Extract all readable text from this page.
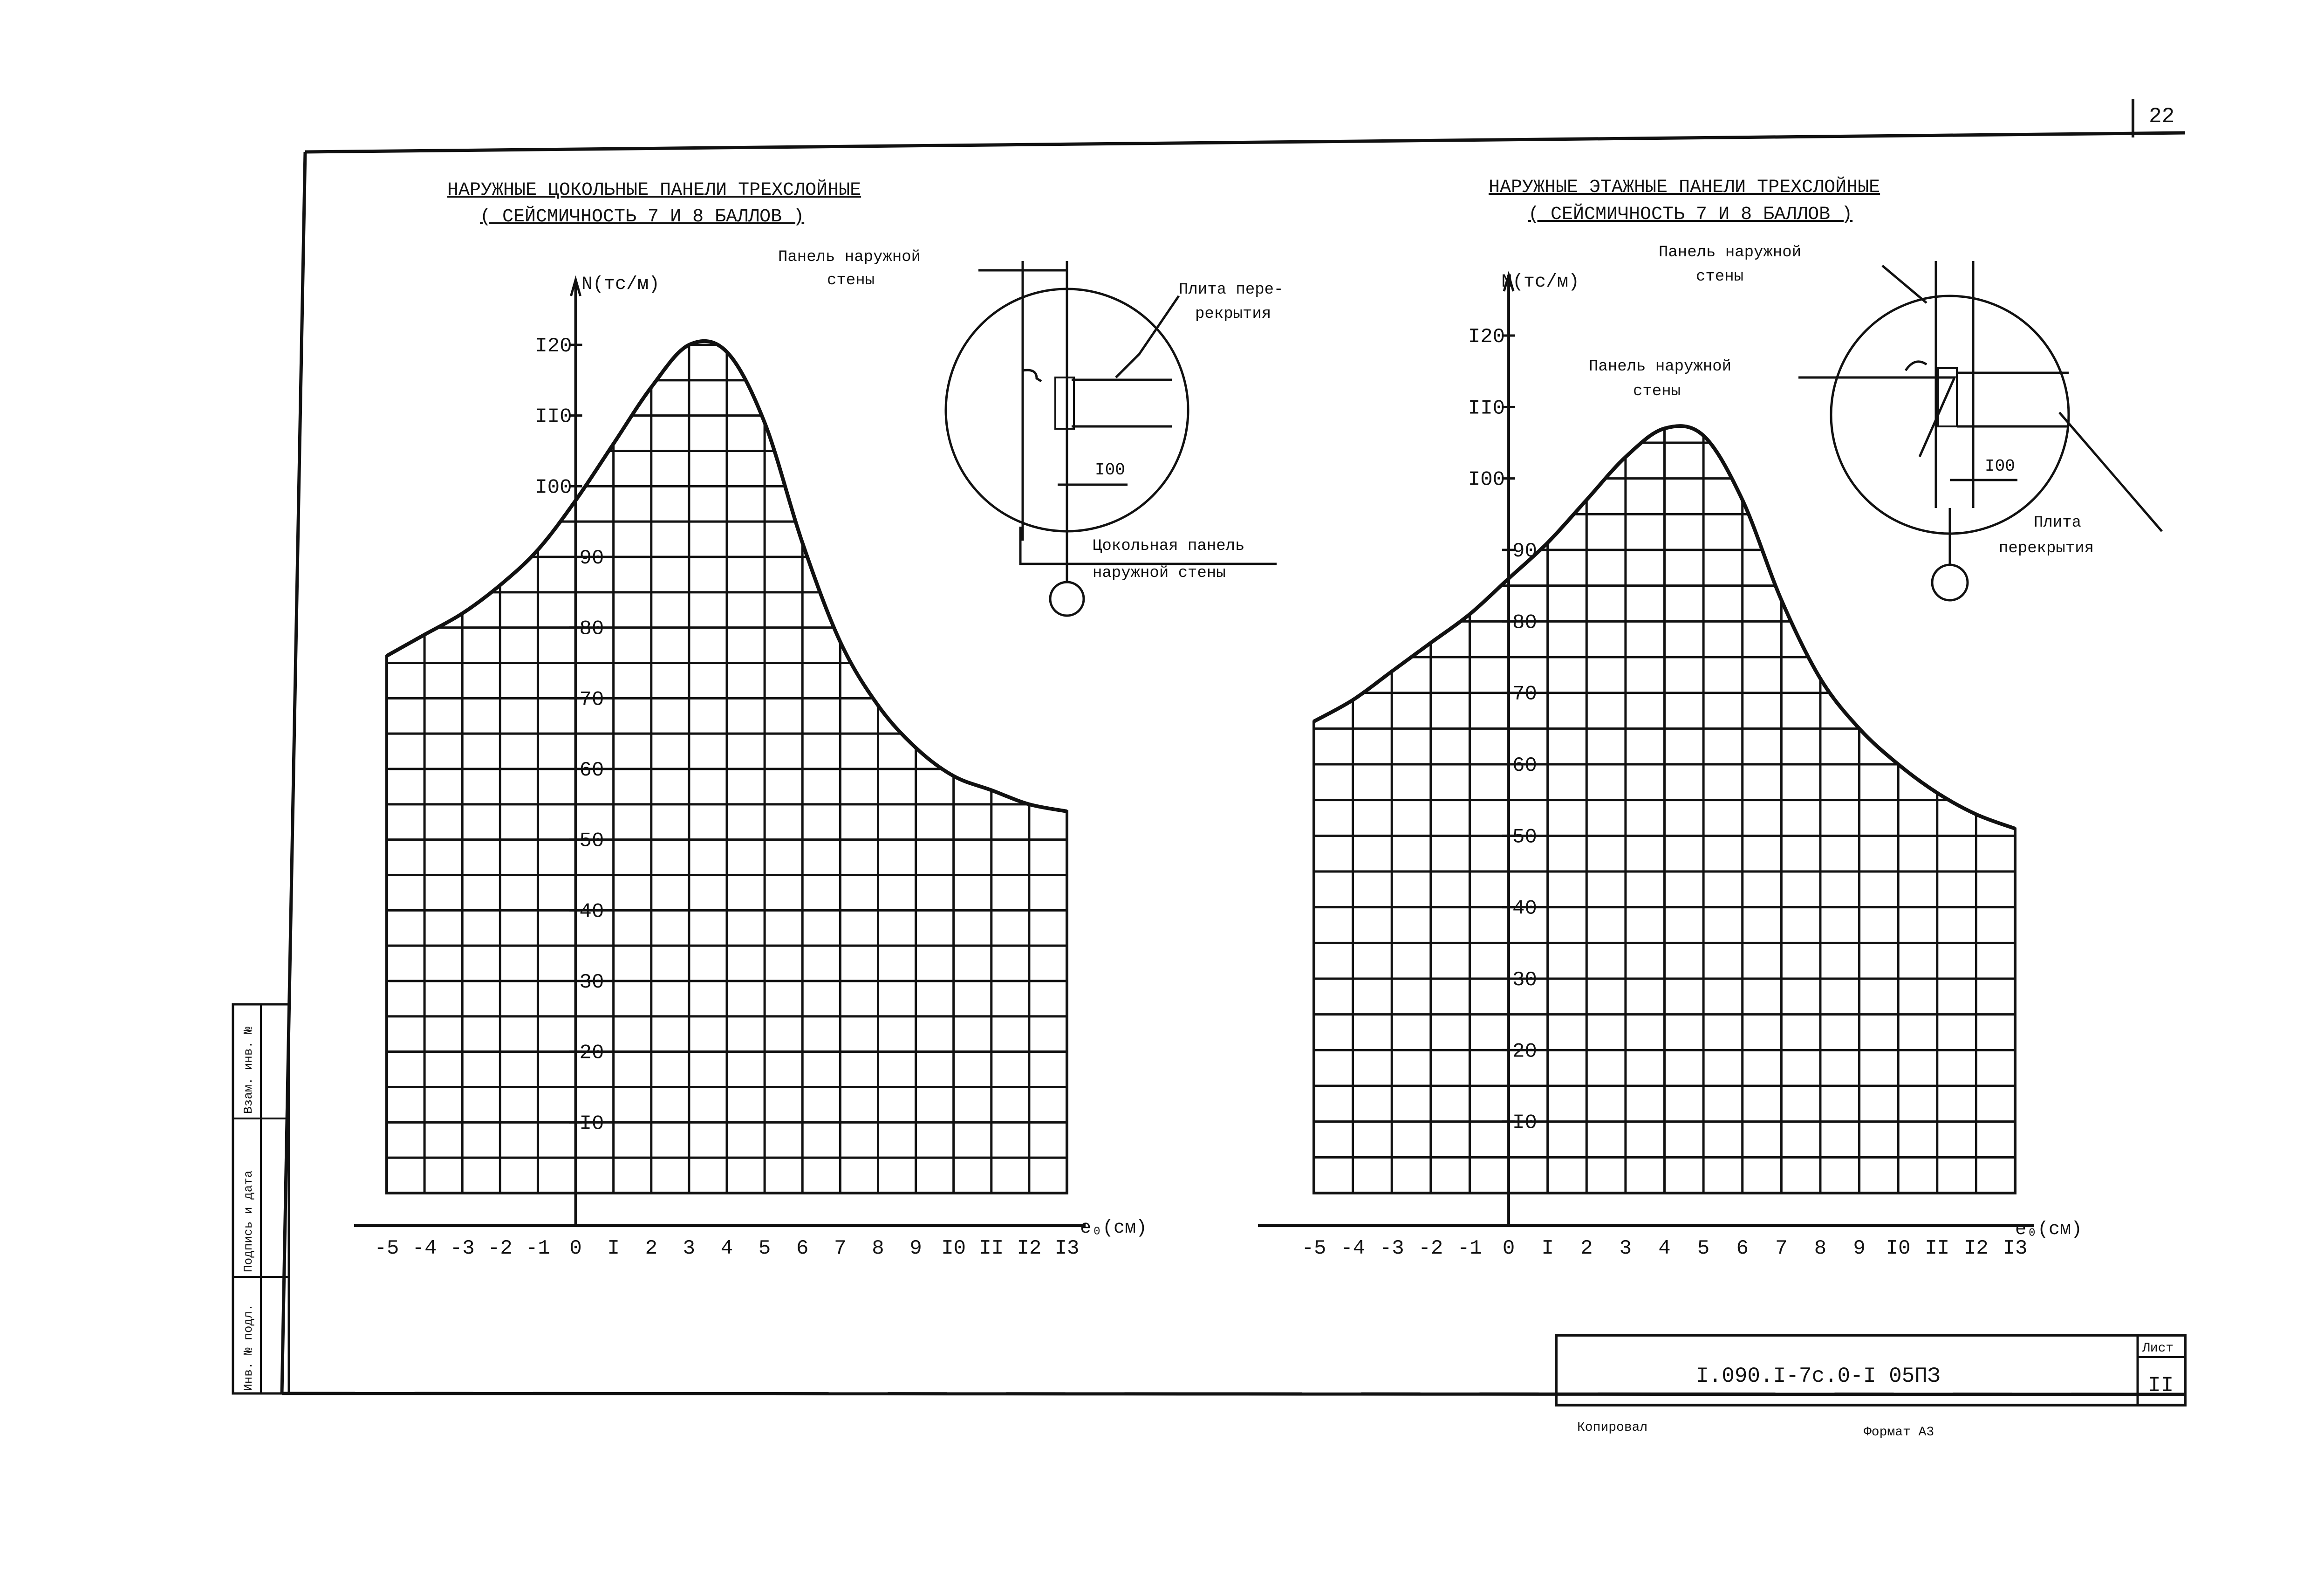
22
Инв. № подл.
Подпись и дата
Взам. инв. №
НАРУЖНЫЕ ЦОКОЛЬНЫЕ ПАНЕЛИ ТРЕХСЛОЙНЫЕ
( СЕЙСМИЧНОСТЬ 7 И 8 БАЛЛОВ )
-5 -4 -3 -2 -1 0 I 2 3 4 5 6 7 8 9 I0 II I2 I3
I0
20
30
40
50
60
70
80
90
I00
II0
I20
N(тс/м)
e₀(см)
Панель наружной
стены
Плита пере-
рекрытия
I00
Цокольная панель
наружной стены
НАРУЖНЫЕ ЭТАЖНЫЕ ПАНЕЛИ ТРЕХСЛОЙНЫЕ
( СЕЙСМИЧНОСТЬ 7 И 8 БАЛЛОВ )
-5 -4 -3 -2 -1 0 I 2 3 4 5 6 7 8 9 I0 II I2 I3
I0
20
30
40
50
60
70
80
90
I00
II0
I20
N(тс/м)
e₀(см)
Панель наружной
стены
Панель наружной
стены
I00
Плита
перекрытия
I.090.I-7c.0-I 05ПЗ
Лист
II
Копировал	Формат А3
